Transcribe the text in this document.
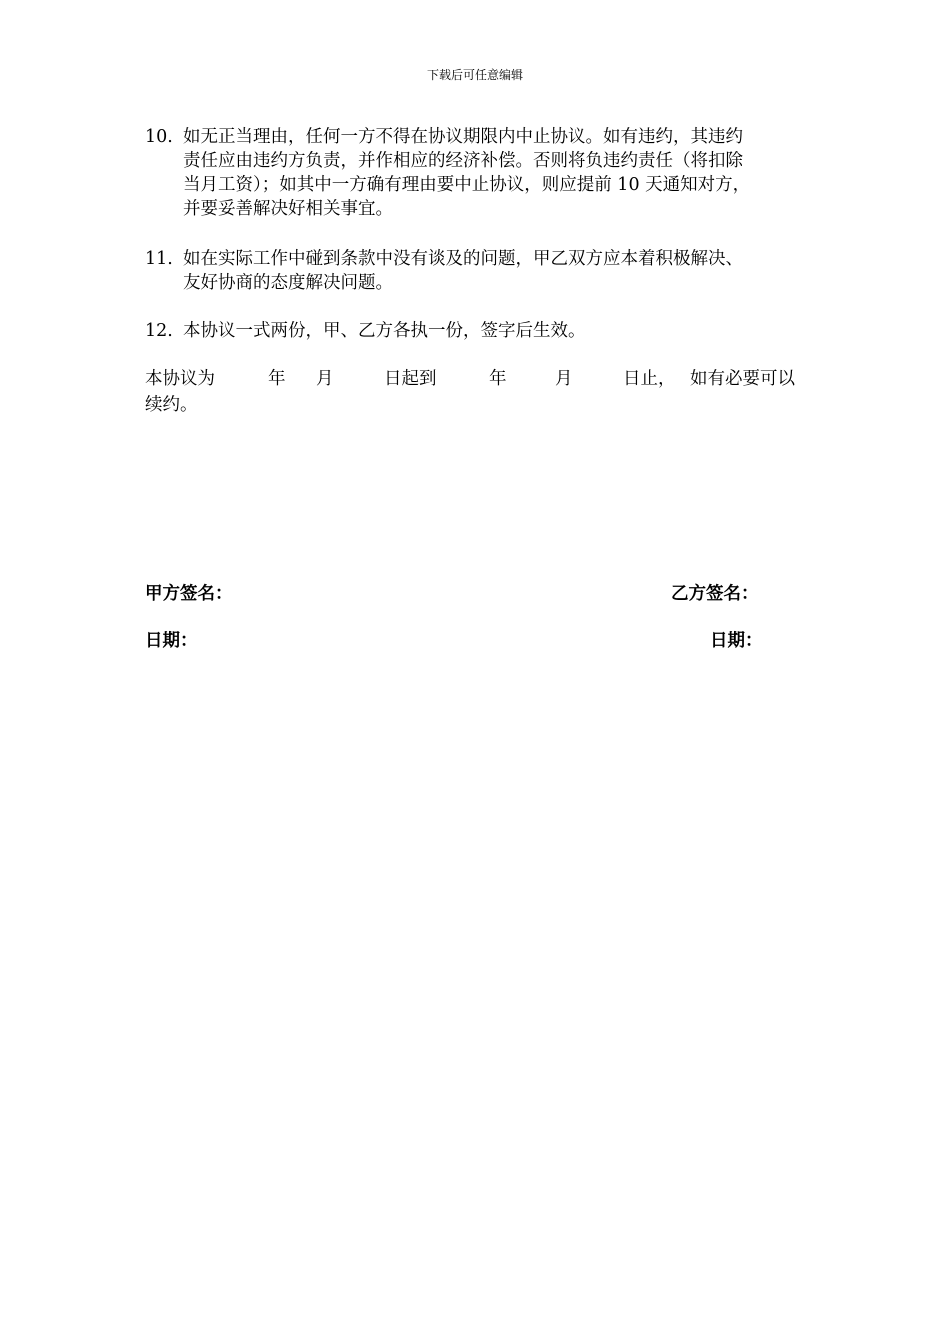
下载后可任意编辑
10. 如无正当理由，任何一方不得在协议期限内中止协议。如有违约，其违约
责任应由违约方负责，并作相应的经济补偿。否则将负违约责任（将扣除
当月工资）；如其中一方确有理由要中止协议，则应提前 10 天通知对方，
并要妥善解决好相关事宜。
11. 如在实际工作中碰到条款中没有谈及的问题，甲乙双方应本着积极解决、
友好协商的态度解决问题。
12. 本协议一式两份，甲、乙方各执一份，签字后生效。
本协议为	年 月	日起到	年	月	日止， 如有必要可以
续约。
甲方签名：	乙方签名：
日期：	日期：
